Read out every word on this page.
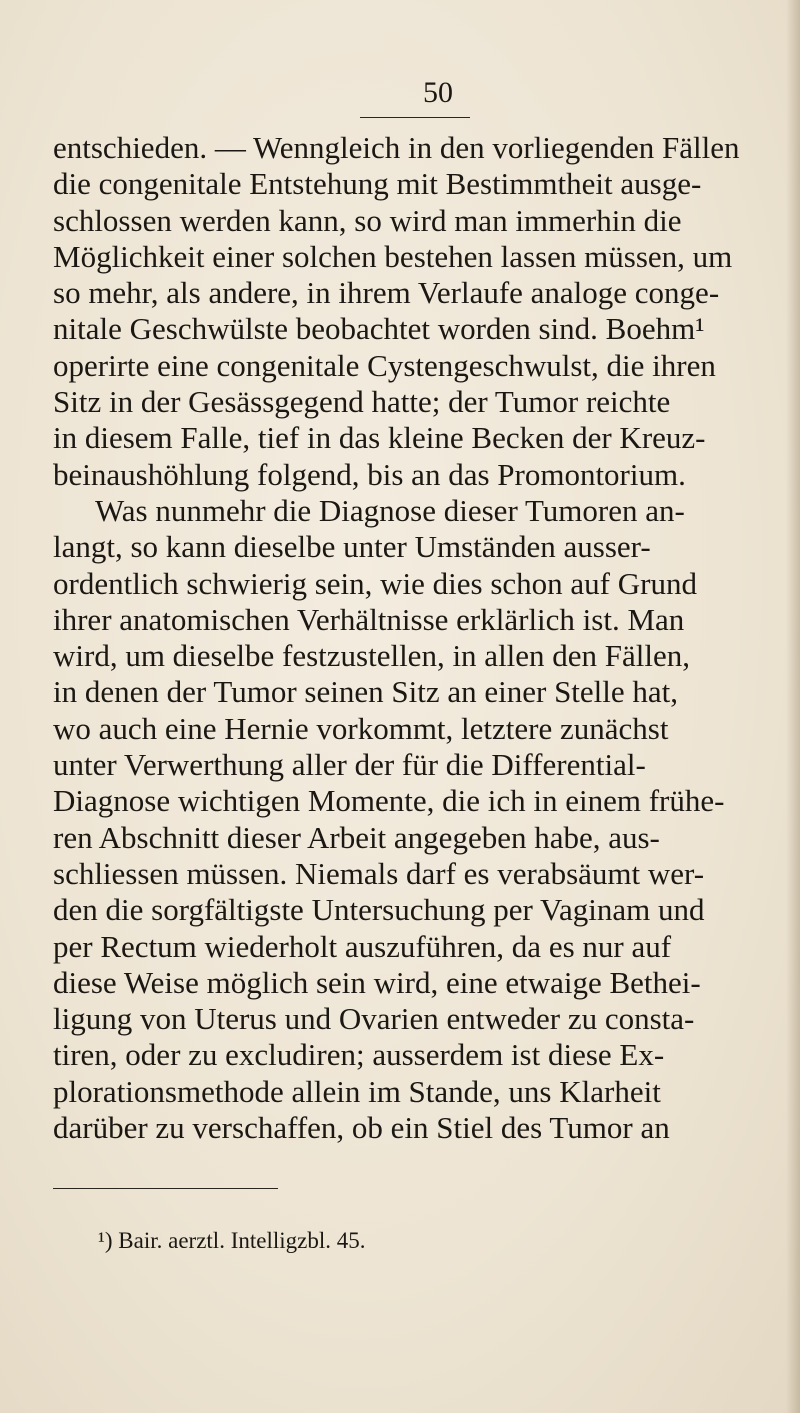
50
entschieden. — Wenngleich in den vorliegenden Fällen
die congenitale Entstehung mit Bestimmtheit ausge-
schlossen werden kann, so wird man immerhin die
Möglichkeit einer solchen bestehen lassen müssen, um
so mehr, als andere, in ihrem Verlaufe analoge conge-
nitale Geschwülste beobachtet worden sind. Boehm¹
operirte eine congenitale Cystengeschwulst, die ihren
Sitz in der Gesässgegend hatte; der Tumor reichte
in diesem Falle, tief in das kleine Becken der Kreuz-
beinaushöhlung folgend, bis an das Promontorium.
Was nunmehr die Diagnose dieser Tumoren an-
langt, so kann dieselbe unter Umständen ausser-
ordentlich schwierig sein, wie dies schon auf Grund
ihrer anatomischen Verhältnisse erklärlich ist. Man
wird, um dieselbe festzustellen, in allen den Fällen,
in denen der Tumor seinen Sitz an einer Stelle hat,
wo auch eine Hernie vorkommt, letztere zunächst
unter Verwerthung aller der für die Differential-
Diagnose wichtigen Momente, die ich in einem frühe-
ren Abschnitt dieser Arbeit angegeben habe, aus-
schliessen müssen. Niemals darf es verabsäumt wer-
den die sorgfältigste Untersuchung per Vaginam und
per Rectum wiederholt auszuführen, da es nur auf
diese Weise möglich sein wird, eine etwaige Bethei-
ligung von Uterus und Ovarien entweder zu consta-
tiren, oder zu excludiren; ausserdem ist diese Ex-
plorationsmethode allein im Stande, uns Klarheit
darüber zu verschaffen, ob ein Stiel des Tumor an
¹) Bair. aerztl. Intelligzbl. 45.
